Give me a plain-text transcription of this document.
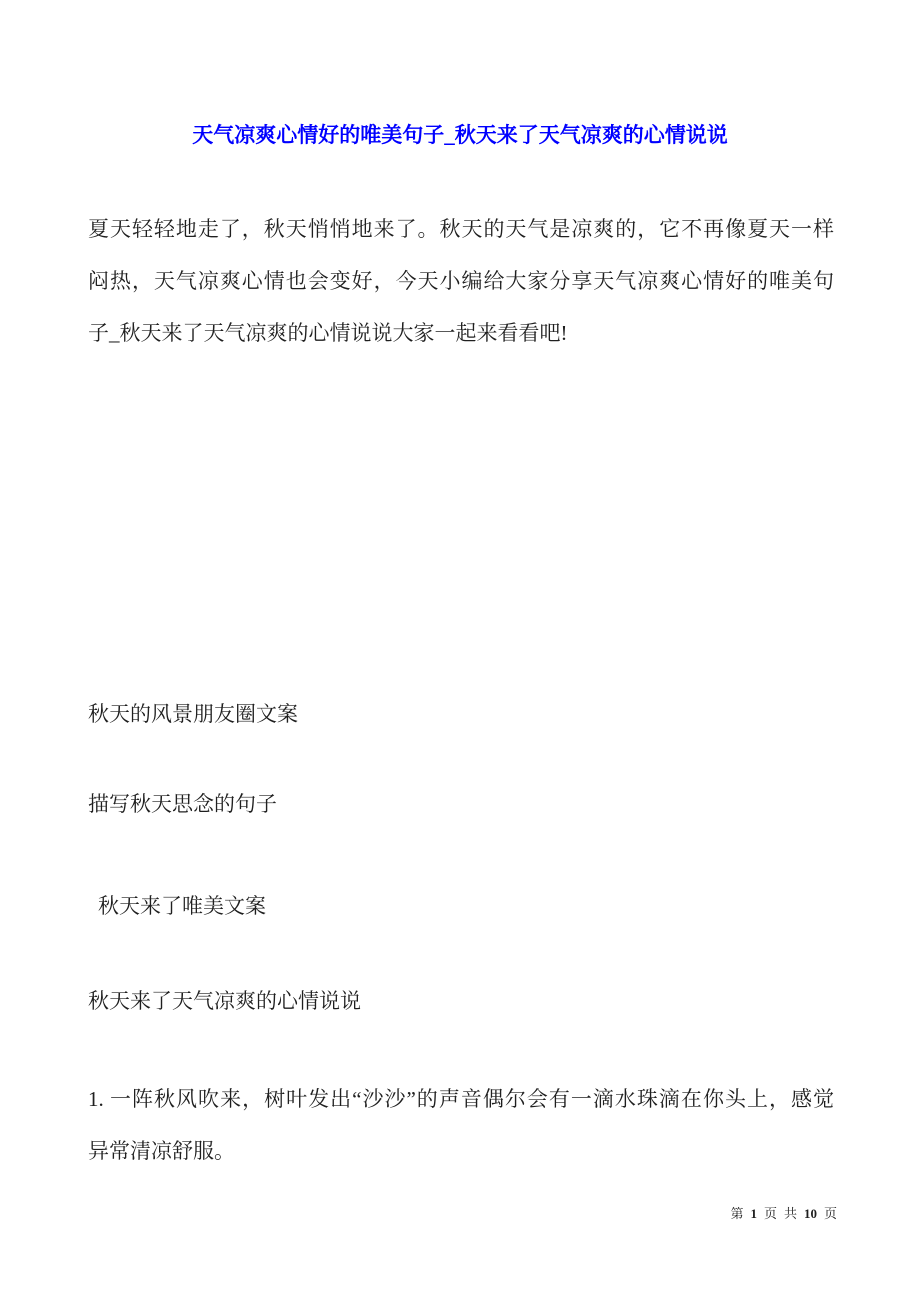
天气凉爽心情好的唯美句子_秋天来了天气凉爽的心情说说
夏天轻轻地走了，秋天悄悄地来了。秋天的天气是凉爽的，它不再像夏天一样
闷热，天气凉爽心情也会变好，今天小编给大家分享天气凉爽心情好的唯美句
子_秋天来了天气凉爽的心情说说大家一起来看看吧!
秋天的风景朋友圈文案
描写秋天思念的句子
秋天来了唯美文案
秋天来了天气凉爽的心情说说
1. 一阵秋风吹来，树叶发出“沙沙”的声音偶尔会有一滴水珠滴在你头上，感觉
异常清凉舒服。
第 1 页 共 10 页
